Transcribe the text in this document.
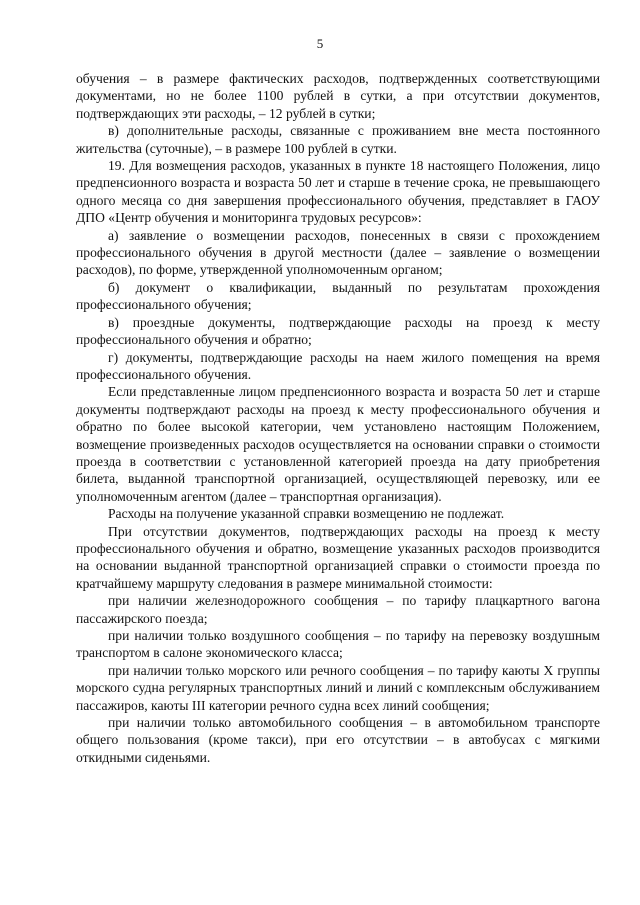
5

обучения – в размере фактических расходов, подтвержденных соответствующими документами, но не более 1100 рублей в сутки, а при отсутствии документов, подтверждающих эти расходы, – 12 рублей в сутки;

в) дополнительные расходы, связанные с проживанием вне места постоянного жительства (суточные), – в размере 100 рублей в сутки.

19. Для возмещения расходов, указанных в пункте 18 настоящего Положения, лицо предпенсионного возраста и возраста 50 лет и старше в течение срока, не превышающего одного месяца со дня завершения профессионального обучения, представляет в ГАОУ ДПО «Центр обучения и мониторинга трудовых ресурсов»:

а) заявление о возмещении расходов, понесенных в связи с прохождением профессионального обучения в другой местности (далее – заявление о возмещении расходов), по форме, утвержденной уполномоченным органом;

б) документ о квалификации, выданный по результатам прохождения профессионального обучения;

в) проездные документы, подтверждающие расходы на проезд к месту профессионального обучения и обратно;

г) документы, подтверждающие расходы на наем жилого помещения на время профессионального обучения.

Если представленные лицом предпенсионного возраста и возраста 50 лет и старше документы подтверждают расходы на проезд к месту профессионального обучения и обратно по более высокой категории, чем установлено настоящим Положением, возмещение произведенных расходов осуществляется на основании справки о стоимости проезда в соответствии с установленной категорией проезда на дату приобретения билета, выданной транспортной организацией, осуществляющей перевозку, или ее уполномоченным агентом (далее – транспортная организация).

Расходы на получение указанной справки возмещению не подлежат.

При отсутствии документов, подтверждающих расходы на проезд к месту профессионального обучения и обратно, возмещение указанных расходов производится на основании выданной транспортной организацией справки о стоимости проезда по кратчайшему маршруту следования в размере минимальной стоимости:

при наличии железнодорожного сообщения – по тарифу плацкартного вагона пассажирского поезда;

при наличии только воздушного сообщения – по тарифу на перевозку воздушным транспортом в салоне экономического класса;

при наличии только морского или речного сообщения – по тарифу каюты X группы морского судна регулярных транспортных линий и линий с комплексным обслуживанием пассажиров, каюты III категории речного судна всех линий сообщения;

при наличии только автомобильного сообщения – в автомобильном транспорте общего пользования (кроме такси), при его отсутствии – в автобусах с мягкими откидными сиденьями.
